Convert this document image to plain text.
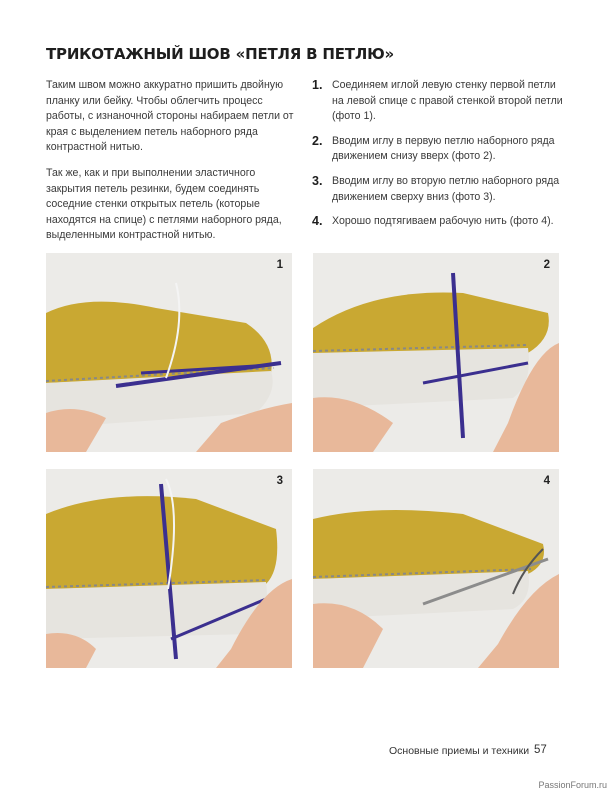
ТРИКОТАЖНЫЙ ШОВ «ПЕТЛЯ В ПЕТЛЮ»

Таким швом можно аккуратно пришить двойную планку или бейку. Чтобы облегчить процесс работы, с изнаночной стороны набираем петли от края с выделением петель наборного ряда контрастной нитью.

Так же, как и при выполнении эластичного закрытия петель резинки, будем соединять соседние стенки открытых петель (которые находятся на спице) с петлями наборного ряда, выделенными контрастной нитью.

1. Соединяем иглой левую стенку первой петли на левой спице с правой стенкой второй петли (фото 1).
2. Вводим иглу в первую петлю наборного ряда движением снизу вверх (фото 2).
3. Вводим иглу во вторую петлю наборного ряда движением сверху вниз (фото 3).
4. Хорошо подтягиваем рабочую нить (фото 4).
1	2
3	4
Основные приемы и техники 57
PassionForum.ru
